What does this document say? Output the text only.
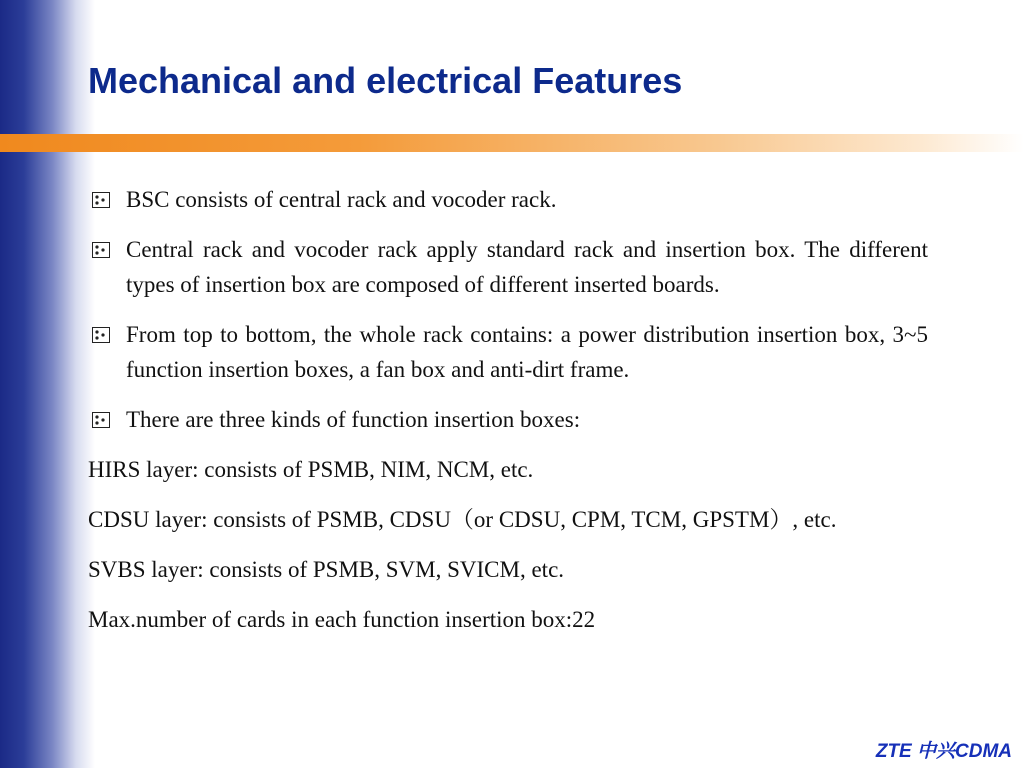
Mechanical and electrical Features
BSC consists of central rack and vocoder rack.
Central rack and vocoder rack apply standard rack and insertion box. The different types of insertion box are composed of different inserted boards.
From top to bottom, the whole rack contains: a power distribution insertion box, 3~5 function insertion boxes, a fan box and anti-dirt frame.
There are three kinds of function insertion boxes:

HIRS layer: consists of PSMB, NIM, NCM, etc.

CDSU layer: consists of PSMB, CDSU（or CDSU, CPM, TCM, GPSTM）, etc.

SVBS layer: consists of PSMB, SVM, SVICM, etc.

Max.number of cards in each function insertion box:22

ZTE 中兴CDMA
